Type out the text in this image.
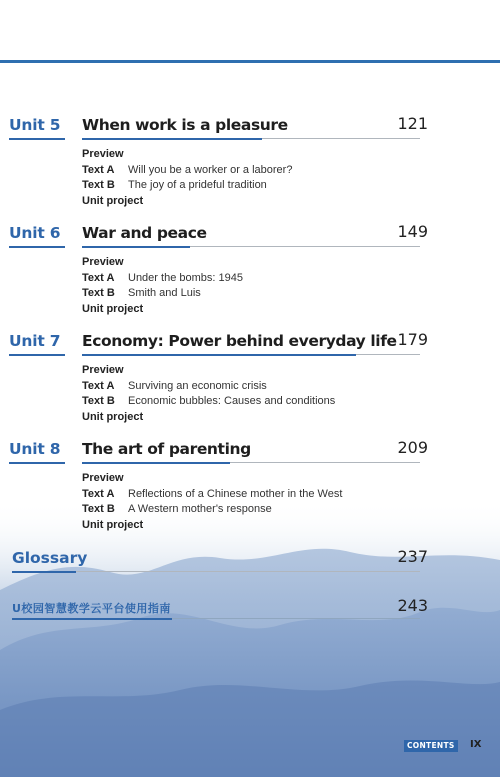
Unit 5 When work is a pleasure	121
Preview
Text A Will you be a worker or a laborer?
Text B The joy of a prideful tradition
Unit project
Unit 6 War and peace	149
Preview
Text A Under the bombs: 1945
Text B Smith and Luis
Unit project
Unit 7 Economy: Power behind everyday life 179
Preview
Text A Surviving an economic crisis
Text B Economic bubbles: Causes and conditions
Unit project
Unit 8 The art of parenting	209
Preview
Text A Reflections of a Chinese mother in the West
Text B A Western mother's response
Unit project
Glossary	237
U校园智慧教学云平台使用指南	243
CONTENTS	IX
